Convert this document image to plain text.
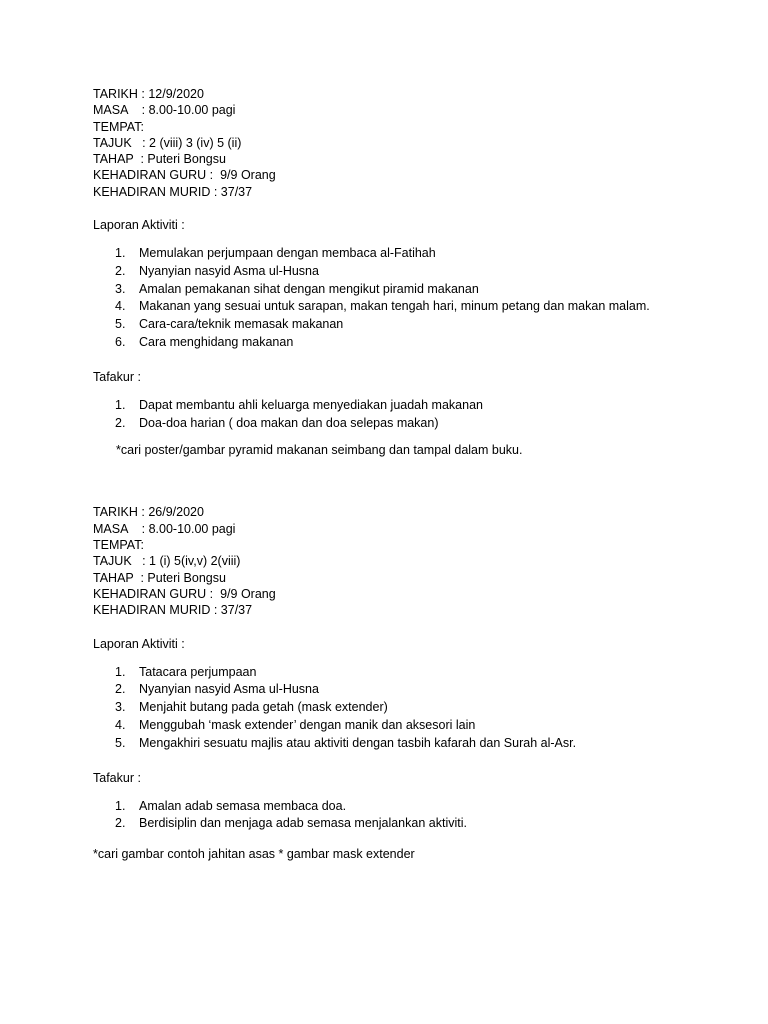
TARIKH : 12/9/2020
MASA    : 8.00-10.00 pagi
TEMPAT:
TAJUK   : 2 (viii) 3 (iv) 5 (ii)
TAHAP  : Puteri Bongsu
KEHADIRAN GURU :  9/9 Orang
KEHADIRAN MURID : 37/37
Laporan Aktiviti :
1. Memulakan perjumpaan dengan membaca al-Fatihah
2. Nyanyian nasyid Asma ul-Husna
3. Amalan pemakanan sihat dengan mengikut piramid makanan
4. Makanan yang sesuai untuk sarapan, makan tengah hari, minum petang dan makan malam.
5. Cara-cara/teknik memasak makanan
6. Cara menghidang makanan
Tafakur :
1. Dapat membantu ahli keluarga menyediakan juadah makanan
2. Doa-doa harian ( doa makan dan doa selepas makan)
*cari poster/gambar pyramid makanan seimbang dan tampal dalam buku.
TARIKH : 26/9/2020
MASA    : 8.00-10.00 pagi
TEMPAT:
TAJUK   : 1 (i) 5(iv,v) 2(viii)
TAHAP  : Puteri Bongsu
KEHADIRAN GURU :  9/9 Orang
KEHADIRAN MURID : 37/37
Laporan Aktiviti :
1. Tatacara perjumpaan
2. Nyanyian nasyid Asma ul-Husna
3. Menjahit butang pada getah (mask extender)
4. Menggubah ‘mask extender’ dengan manik dan aksesori lain
5. Mengakhiri sesuatu majlis atau aktiviti dengan tasbih kafarah dan Surah al-Asr.
Tafakur :
1. Amalan adab semasa membaca doa.
2. Berdisiplin dan menjaga adab semasa menjalankan aktiviti.
*cari gambar contoh jahitan asas * gambar mask extender
